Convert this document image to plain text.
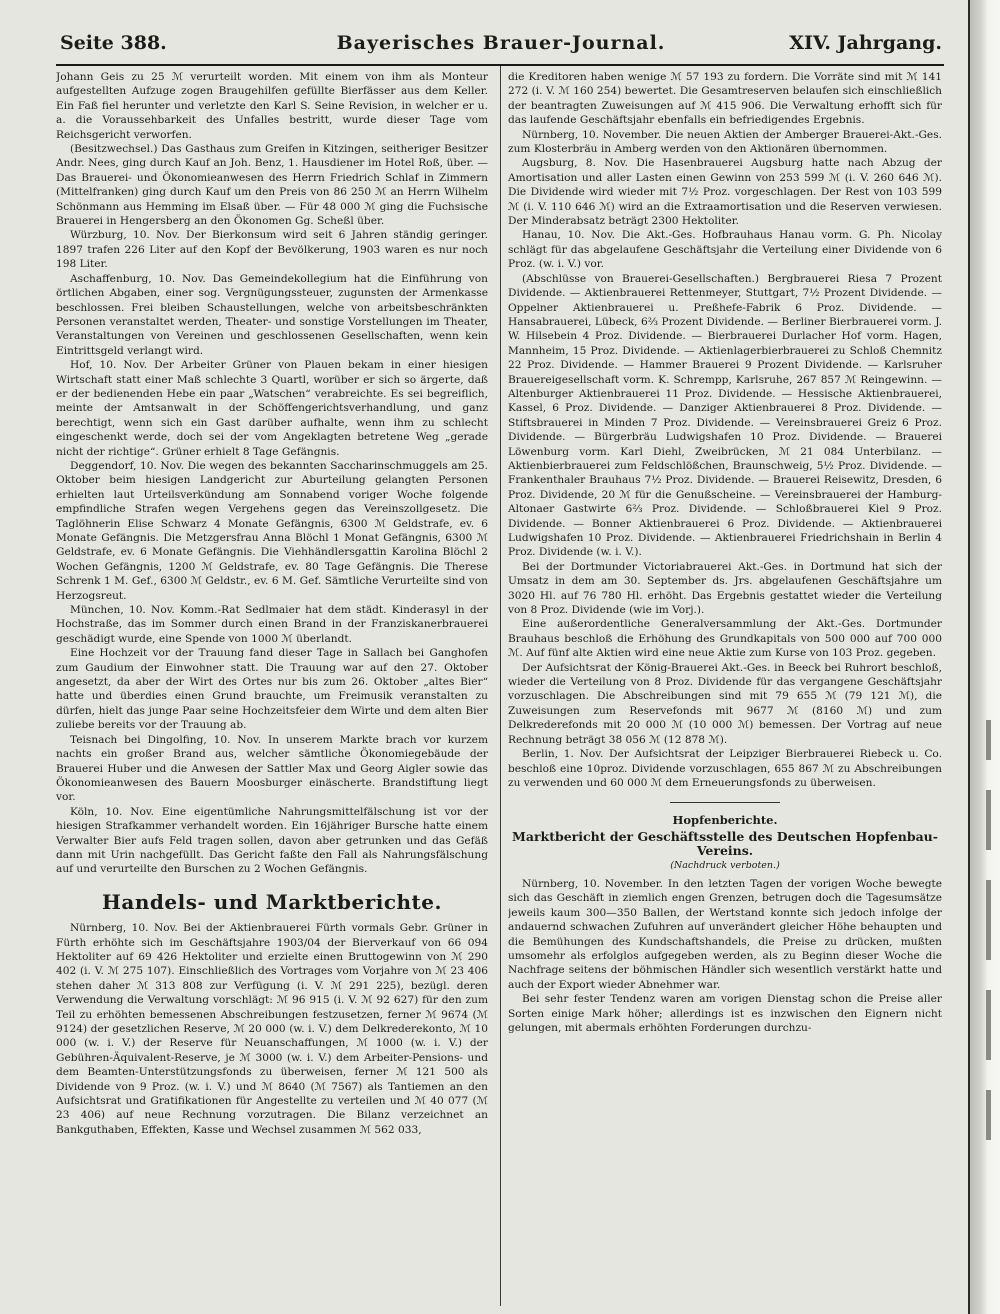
Seite 388.	Bayerisches Brauer-Journal.	XIV. Jahrgang.

Johann Geis zu 25 ℳ verurteilt worden. Mit einem von ihm als Monteur aufgestellten Aufzuge zogen Braugehilfen gefüllte Bierfässer aus dem Keller. Ein Faß fiel herunter und verletzte den Karl S. Seine Revision, in welcher er u. a. die Voraussehbarkeit des Unfalles bestritt, wurde dieser Tage vom Reichsgericht verworfen.

(Besitzwechsel.) Das Gasthaus zum Greifen in Kitzingen, seitheriger Besitzer Andr. Nees, ging durch Kauf an Joh. Benz, 1. Hausdiener im Hotel Roß, über. — Das Brauerei- und Ökonomieanwesen des Herrn Friedrich Schlaf in Zimmern (Mittelfranken) ging durch Kauf um den Preis von 86 250 ℳ an Herrn Wilhelm Schönmann aus Hemming im Elsaß über. — Für 48 000 ℳ ging die Fuchsische Brauerei in Hengersberg an den Ökonomen Gg. Scheßl über.

Würzburg, 10. Nov. Der Bierkonsum wird seit 6 Jahren ständig geringer. 1897 trafen 226 Liter auf den Kopf der Bevölkerung, 1903 waren es nur noch 198 Liter.

Aschaffenburg, 10. Nov. Das Gemeindekollegium hat die Einführung von örtlichen Abgaben, einer sog. Vergnügungssteuer, zugunsten der Armenkasse beschlossen. Frei bleiben Schaustellungen, welche von arbeitsbeschränkten Personen veranstaltet werden, Theater- und sonstige Vorstellungen im Theater, Veranstaltungen von Vereinen und geschlossenen Gesellschaften, wenn kein Eintrittsgeld verlangt wird.

Hof, 10. Nov. Der Arbeiter Grüner von Plauen bekam in einer hiesigen Wirtschaft statt einer Maß schlechte 3 Quartl, worüber er sich so ärgerte, daß er der bedienenden Hebe ein paar „Watschen“ verabreichte. Es sei begreiflich, meinte der Amtsanwalt in der Schöffengerichtsverhandlung, und ganz berechtigt, wenn sich ein Gast darüber aufhalte, wenn ihm zu schlecht eingeschenkt werde, doch sei der vom Angeklagten betretene Weg „gerade nicht der richtige“. Grüner erhielt 8 Tage Gefängnis.

Deggendorf, 10. Nov. Die wegen des bekannten Saccharinschmuggels am 25. Oktober beim hiesigen Landgericht zur Aburteilung gelangten Personen erhielten laut Urteilsverkündung am Sonnabend voriger Woche folgende empfindliche Strafen wegen Vergehens gegen das Vereinszollgesetz. Die Taglöhnerin Elise Schwarz 4 Monate Gefängnis, 6300 ℳ Geldstrafe, ev. 6 Monate Gefängnis. Die Metzgersfrau Anna Blöchl 1 Monat Gefängnis, 6300 ℳ Geldstrafe, ev. 6 Monate Gefängnis. Die Viehhändlersgattin Karolina Blöchl 2 Wochen Gefängnis, 1200 ℳ Geldstrafe, ev. 80 Tage Gefängnis. Die Therese Schrenk 1 M. Gef., 6300 ℳ Geldstr., ev. 6 M. Gef. Sämtliche Verurteilte sind von Herzogsreut.

München, 10. Nov. Komm.-Rat Sedlmaier hat dem städt. Kinderasyl in der Hochstraße, das im Sommer durch einen Brand in der Franziskanerbrauerei geschädigt wurde, eine Spende von 1000 ℳ überlandt.

Eine Hochzeit vor der Trauung fand dieser Tage in Sallach bei Ganghofen zum Gaudium der Einwohner statt. Die Trauung war auf den 27. Oktober angesetzt, da aber der Wirt des Ortes nur bis zum 26. Oktober „altes Bier“ hatte und überdies einen Grund brauchte, um Freimusik veranstalten zu dürfen, hielt das junge Paar seine Hochzeitsfeier dem Wirte und dem alten Bier zuliebe bereits vor der Trauung ab.

Teisnach bei Dingolfing, 10. Nov. In unserem Markte brach vor kurzem nachts ein großer Brand aus, welcher sämtliche Ökonomiegebäude der Brauerei Huber und die Anwesen der Sattler Max und Georg Aigler sowie das Ökonomieanwesen des Bauern Moosburger einäscherte. Brandstiftung liegt vor.

Köln, 10. Nov. Eine eigentümliche Nahrungsmittelfälschung ist vor der hiesigen Strafkammer verhandelt worden. Ein 16jähriger Bursche hatte einem Verwalter Bier aufs Feld tragen sollen, davon aber getrunken und das Gefäß dann mit Urin nachgefüllt. Das Gericht faßte den Fall als Nahrungsfälschung auf und verurteilte den Burschen zu 2 Wochen Gefängnis.

Handels- und Marktberichte.

Nürnberg, 10. Nov. Bei der Aktienbrauerei Fürth vormals Gebr. Grüner in Fürth erhöhte sich im Geschäftsjahre 1903/04 der Bierverkauf von 66 094 Hektoliter auf 69 426 Hektoliter und erzielte einen Bruttogewinn von ℳ 290 402 (i. V. ℳ 275 107). Einschließlich des Vortrages vom Vorjahre von ℳ 23 406 stehen daher ℳ 313 808 zur Verfügung (i. V. ℳ 291 225), bezügl. deren Verwendung die Verwaltung vorschlägt: ℳ 96 915 (i. V. ℳ 92 627) für den zum Teil zu erhöhten bemessenen Abschreibungen festzusetzen, ferner ℳ 9674 (ℳ 9124) der gesetzlichen Reserve, ℳ 20 000 (w. i. V.) dem Delkrederekonto, ℳ 10 000 (w. i. V.) der Reserve für Neuanschaffungen, ℳ 1000 (w. i. V.) der Gebühren-Äquivalent-Reserve, je ℳ 3000 (w. i. V.) dem Arbeiter-Pensions- und dem Beamten-Unterstützungsfonds zu überweisen, ferner ℳ 121 500 als Dividende von 9 Proz. (w. i. V.) und ℳ 8640 (ℳ 7567) als Tantiemen an den Aufsichtsrat und Gratifikationen für Angestellte zu verteilen und ℳ 40 077 (ℳ 23 406) auf neue Rechnung vorzutragen. Die Bilanz verzeichnet an Bankguthaben, Effekten, Kasse und Wechsel zusammen ℳ 562 033,

die Kreditoren haben wenige ℳ 57 193 zu fordern. Die Vorräte sind mit ℳ 141 272 (i. V. ℳ 160 254) bewertet. Die Gesamtreserven belaufen sich einschließlich der beantragten Zuweisungen auf ℳ 415 906. Die Verwaltung erhofft sich für das laufende Geschäftsjahr ebenfalls ein befriedigendes Ergebnis.

Nürnberg, 10. November. Die neuen Aktien der Amberger Brauerei-Akt.-Ges. zum Klosterbräu in Amberg werden von den Aktionären übernommen.

Augsburg, 8. Nov. Die Hasenbrauerei Augsburg hatte nach Abzug der Amortisation und aller Lasten einen Gewinn von 253 599 ℳ (i. V. 260 646 ℳ). Die Dividende wird wieder mit 7½ Proz. vorgeschlagen. Der Rest von 103 599 ℳ (i. V. 110 646 ℳ) wird an die Extraamortisation und die Reserven verwiesen. Der Minderabsatz beträgt 2300 Hektoliter.

Hanau, 10. Nov. Die Akt.-Ges. Hofbrauhaus Hanau vorm. G. Ph. Nicolay schlägt für das abgelaufene Geschäftsjahr die Verteilung einer Dividende von 6 Proz. (w. i. V.) vor.

(Abschlüsse von Brauerei-Gesellschaften.) Bergbrauerei Riesa 7 Prozent Dividende. — Aktienbrauerei Rettenmeyer, Stuttgart, 7½ Prozent Dividende. — Oppelner Aktienbrauerei u. Preßhefe-Fabrik 6 Proz. Dividende. — Hansabrauerei, Lübeck, 6⅔ Prozent Dividende. — Berliner Bierbrauerei vorm. J. W. Hilsebein 4 Proz. Dividende. — Bierbrauerei Durlacher Hof vorm. Hagen, Mannheim, 15 Proz. Dividende. — Aktienlagerbierbrauerei zu Schloß Chemnitz 22 Proz. Dividende. — Hammer Brauerei 9 Prozent Dividende. — Karlsruher Brauereigesellschaft vorm. K. Schrempp, Karlsruhe, 267 857 ℳ Reingewinn. — Altenburger Aktienbrauerei 11 Proz. Dividende. — Hessische Aktienbrauerei, Kassel, 6 Proz. Dividende. — Danziger Aktienbrauerei 8 Proz. Dividende. — Stiftsbrauerei in Minden 7 Proz. Dividende. — Vereinsbrauerei Greiz 6 Proz. Dividende. — Bürgerbräu Ludwigshafen 10 Proz. Dividende. — Brauerei Löwenburg vorm. Karl Diehl, Zweibrücken, ℳ 21 084 Unterbilanz. — Aktienbierbrauerei zum Feldschlößchen, Braunschweig, 5½ Proz. Dividende. — Frankenthaler Brauhaus 7½ Proz. Dividende. — Brauerei Reisewitz, Dresden, 6 Proz. Dividende, 20 ℳ für die Genußscheine. — Vereinsbrauerei der Hamburg-Altonaer Gastwirte 6⅔ Proz. Dividende. — Schloßbrauerei Kiel 9 Proz. Dividende. — Bonner Aktienbrauerei 6 Proz. Dividende. — Aktienbrauerei Ludwigshafen 10 Proz. Dividende. — Aktienbrauerei Friedrichshain in Berlin 4 Proz. Dividende (w. i. V.).

Bei der Dortmunder Victoriabrauerei Akt.-Ges. in Dortmund hat sich der Umsatz in dem am 30. September ds. Jrs. abgelaufenen Geschäftsjahre um 3020 Hl. auf 76 780 Hl. erhöht. Das Ergebnis gestattet wieder die Verteilung von 8 Proz. Dividende (wie im Vorj.).

Eine außerordentliche Generalversammlung der Akt.-Ges. Dortmunder Brauhaus beschloß die Erhöhung des Grundkapitals von 500 000 auf 700 000 ℳ. Auf fünf alte Aktien wird eine neue Aktie zum Kurse von 103 Proz. gegeben.

Der Aufsichtsrat der König-Brauerei Akt.-Ges. in Beeck bei Ruhrort beschloß, wieder die Verteilung von 8 Proz. Dividende für das vergangene Geschäftsjahr vorzuschlagen. Die Abschreibungen sind mit 79 655 ℳ (79 121 ℳ), die Zuweisungen zum Reservefonds mit 9677 ℳ (8160 ℳ) und zum Delkrederefonds mit 20 000 ℳ (10 000 ℳ) bemessen. Der Vortrag auf neue Rechnung beträgt 38 056 ℳ (12 878 ℳ).

Berlin, 1. Nov. Der Aufsichtsrat der Leipziger Bierbrauerei Riebeck u. Co. beschloß eine 10proz. Dividende vorzuschlagen, 655 867 ℳ zu Abschreibungen zu verwenden und 60 000 ℳ dem Erneuerungsfonds zu überweisen.

Hopfenberichte.
Marktbericht der Geschäftsstelle des Deutschen Hopfenbau-Vereins.
(Nachdruck verboten.)

Nürnberg, 10. November. In den letzten Tagen der vorigen Woche bewegte sich das Geschäft in ziemlich engen Grenzen, betrugen doch die Tagesumsätze jeweils kaum 300—350 Ballen, der Wertstand konnte sich jedoch infolge der andauernd schwachen Zufuhren auf unverändert gleicher Höhe behaupten und die Bemühungen des Kundschaftshandels, die Preise zu drücken, mußten umsomehr als erfolglos aufgegeben werden, als zu Beginn dieser Woche die Nachfrage seitens der böhmischen Händler sich wesentlich verstärkt hatte und auch der Export wieder Abnehmer war.

Bei sehr fester Tendenz waren am vorigen Dienstag schon die Preise aller Sorten einige Mark höher; allerdings ist es inzwischen den Eignern nicht gelungen, mit abermals erhöhten Forderungen durchzu-
